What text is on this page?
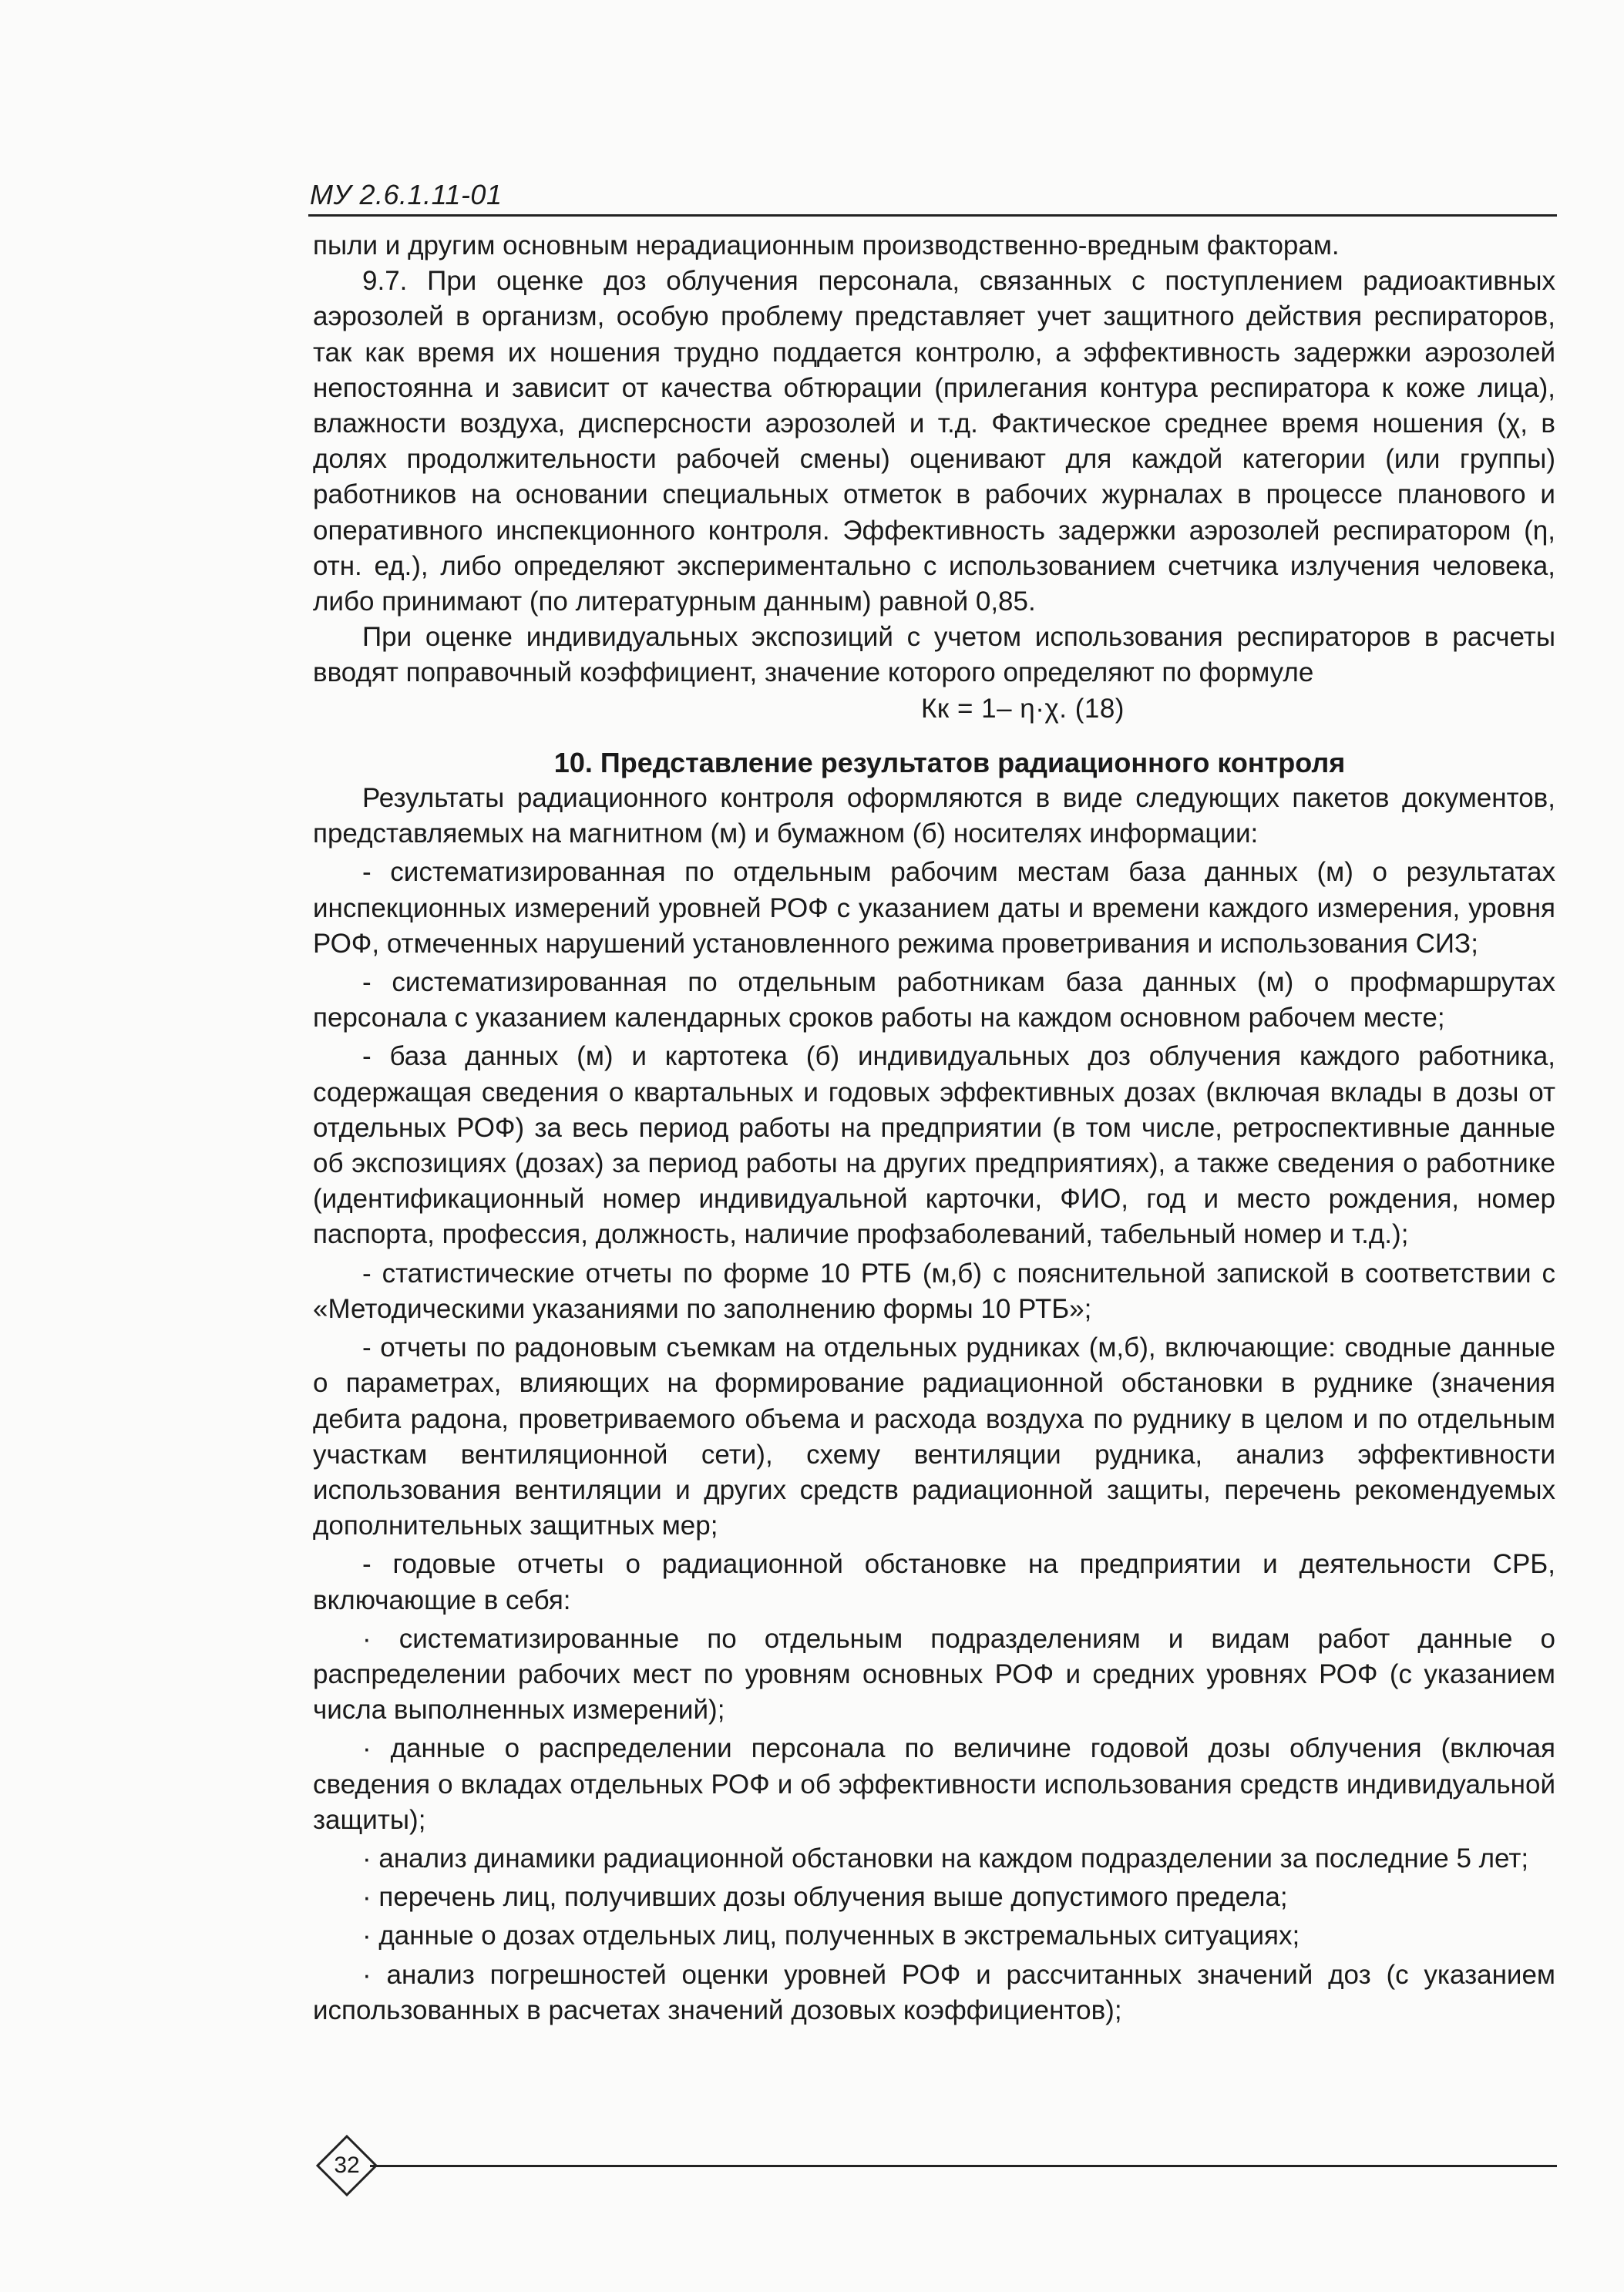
МУ 2.6.1.11-01

пыли и другим основным нерадиационным производственно-вредным факторам.

9.7. При оценке доз облучения персонала, связанных с поступлением радиоактивных аэрозолей в организм, особую проблему представляет учет защитного действия респираторов, так как время их ношения трудно поддается контролю, а эффективность задержки аэрозолей непостоянна и зависит от качества обтюрации (прилегания контура респиратора к коже лица), влажности воздуха, дисперсности аэрозолей и т.д. Фактическое среднее время ношения (χ, в долях продолжительности рабочей смены) оценивают для каждой категории (или группы) работников на основании специальных отметок в рабочих журналах в процессе планового и оперативного инспекционного контроля. Эффективность задержки аэрозолей респиратором (η, отн. ед.), либо определяют экспериментально с использованием счетчика излучения человека, либо принимают (по литературным данным) равной 0,85.

При оценке индивидуальных экспозиций с учетом использования респираторов в расчеты вводят поправочный коэффициент, значение которого определяют по формуле

Кк = 1– η·χ. (18)

10. Представление результатов радиационного контроля

Результаты радиационного контроля оформляются в виде следующих пакетов документов, представляемых на магнитном (м) и бумажном (б) носителях информации:

- систематизированная по отдельным рабочим местам база данных (м) о результатах инспекционных измерений уровней РОФ с указанием даты и времени каждого измерения, уровня РОФ, отмеченных нарушений установленного режима проветривания и использования СИЗ;

- систематизированная по отдельным работникам база данных (м) о профмаршрутах персонала с указанием календарных сроков работы на каждом основном рабочем месте;

- база данных (м) и картотека (б) индивидуальных доз облучения каждого работника, содержащая сведения о квартальных и годовых эффективных дозах (включая вклады в дозы от отдельных РОФ) за весь период работы на предприятии (в том числе, ретроспективные данные об экспозициях (дозах) за период работы на других предприятиях), а также сведения о работнике (идентификационный номер индивидуальной карточки, ФИО, год и место рождения, номер паспорта, профессия, должность, наличие профзаболеваний, табельный номер и т.д.);

- статистические отчеты по форме 10 РТБ (м,б) с пояснительной запиской в соответствии с «Методическими указаниями по заполнению формы 10 РТБ»;

- отчеты по радоновым съемкам на отдельных рудниках (м,б), включающие: сводные данные о параметрах, влияющих на формирование радиационной обстановки в руднике (значения дебита радона, проветриваемого объема и расхода воздуха по руднику в целом и по отдельным участкам вентиляционной сети), схему вентиляции рудника, анализ эффективности использования вентиляции и других средств радиационной защиты, перечень рекомендуемых дополнительных защитных мер;

- годовые отчеты о радиационной обстановке на предприятии и деятельности СРБ, включающие в себя:

· систематизированные по отдельным подразделениям и видам работ данные о распределении рабочих мест по уровням основных РОФ и средних уровнях РОФ (с указанием числа выполненных измерений);

· данные о распределении персонала по величине годовой дозы облучения (включая сведения о вкладах отдельных РОФ и об эффективности использования средств индивидуальной защиты);

· анализ динамики радиационной обстановки на каждом подразделении за последние 5 лет;

· перечень лиц, получивших дозы облучения выше допустимого предела;

· данные о дозах отдельных лиц, полученных в экстремальных ситуациях;

· анализ погрешностей оценки уровней РОФ и рассчитанных значений доз (с указанием использованных в расчетах значений дозовых коэффициентов);

32
